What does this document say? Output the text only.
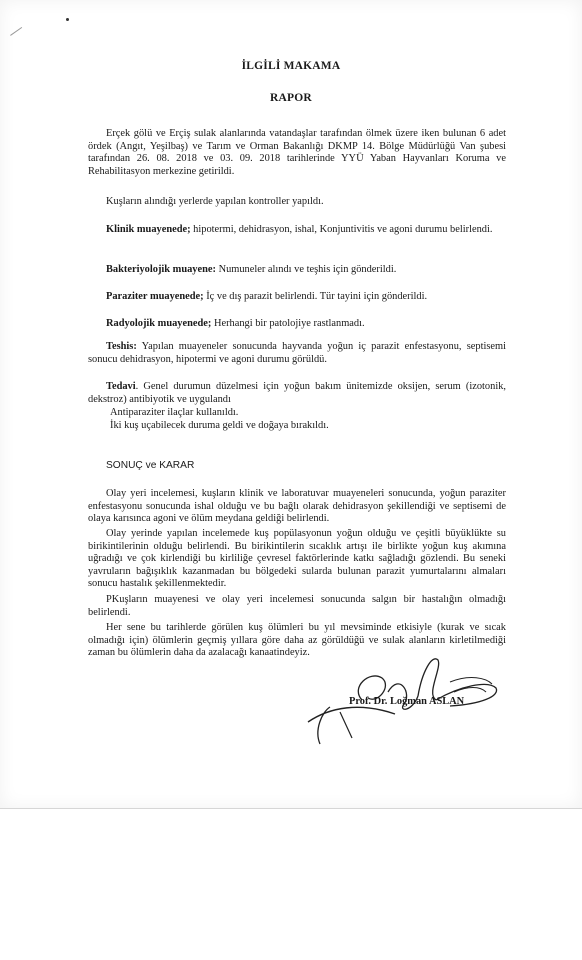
İLGİLİ MAKAMA
RAPOR

Erçek gölü ve Erçiş sulak alanlarında vatandaşlar tarafından ölmek üzere iken bulunan 6 adet ördek (Angıt, Yeşilbaş) ve Tarım ve Orman Bakanlığı DKMP 14. Bölge Müdürlüğü Van şubesi tarafından 26. 08. 2018 ve 03. 09. 2018 tarihlerinde YYÜ Yaban Hayvanları Koruma ve Rehabilitasyon merkezine getirildi.

Kuşların alındığı yerlerde yapılan kontroller yapıldı.

Klinik muayenede; hipotermi, dehidrasyon, ishal, Konjuntivitis ve agoni durumu belirlendi.

Bakteriyolojik muayene: Numuneler alındı ve teşhis için gönderildi.

Paraziter muayenede; İç ve dış parazit belirlendi. Tür tayini için gönderildi.

Radyolojik muayenede; Herhangi bir patolojiye rastlanmadı.

Teshis: Yapılan muayeneler sonucunda hayvanda yoğun iç parazit enfestasyonu, septisemi sonucu dehidrasyon, hipotermi ve agoni durumu görüldü.

Tedavi. Genel durumun düzelmesi için yoğun bakım ünitemizde oksijen, serum (izotonik, dekstroz) antibiyotik ve uygulandı

Antiparaziter ilaçlar kullanıldı.

İki kuş uçabilecek duruma geldi ve doğaya bırakıldı.

SONUÇ ve KARAR

Olay yeri incelemesi, kuşların klinik ve laboratuvar muayeneleri sonucunda, yoğun paraziter enfestasyonu sonucunda ishal olduğu ve bu bağlı olarak dehidrasyon şekillendiği ve septisemi de olaya karısınca agoni ve ölüm meydana geldiği belirlendi.

Olay yerinde yapılan incelemede kuş popülasyonun yoğun olduğu ve çeşitli büyüklükte su birikintilerinin olduğu belirlendi. Bu birikintilerin sıcaklık artışı ile birlikte yoğun kuş akımına uğradığı ve çok kirlendiği bu kirliliğe çevresel faktörlerinde katkı sağladığı gözlendi. Bu seneki yavruların bağışıklık kazanmadan bu bölgedeki sularda bulunan parazit yumurtalarını almaları sonucu hastalık şekillenmektedir.

PKuşların muayenesi ve olay yeri incelemesi sonucunda salgın bir hastalığın olmadığı belirlendi.

Her sene bu tarihlerde görülen kuş ölümleri bu yıl mevsiminde etkisiyle (kurak ve sıcak olmadığı için) ölümlerin geçmiş yıllara göre daha az görüldüğü ve sulak alanların kirletilmediği zaman bu ölümlerin daha da azalacağı kanaatindeyiz.

Prof. Dr. Loğman ASLAN
